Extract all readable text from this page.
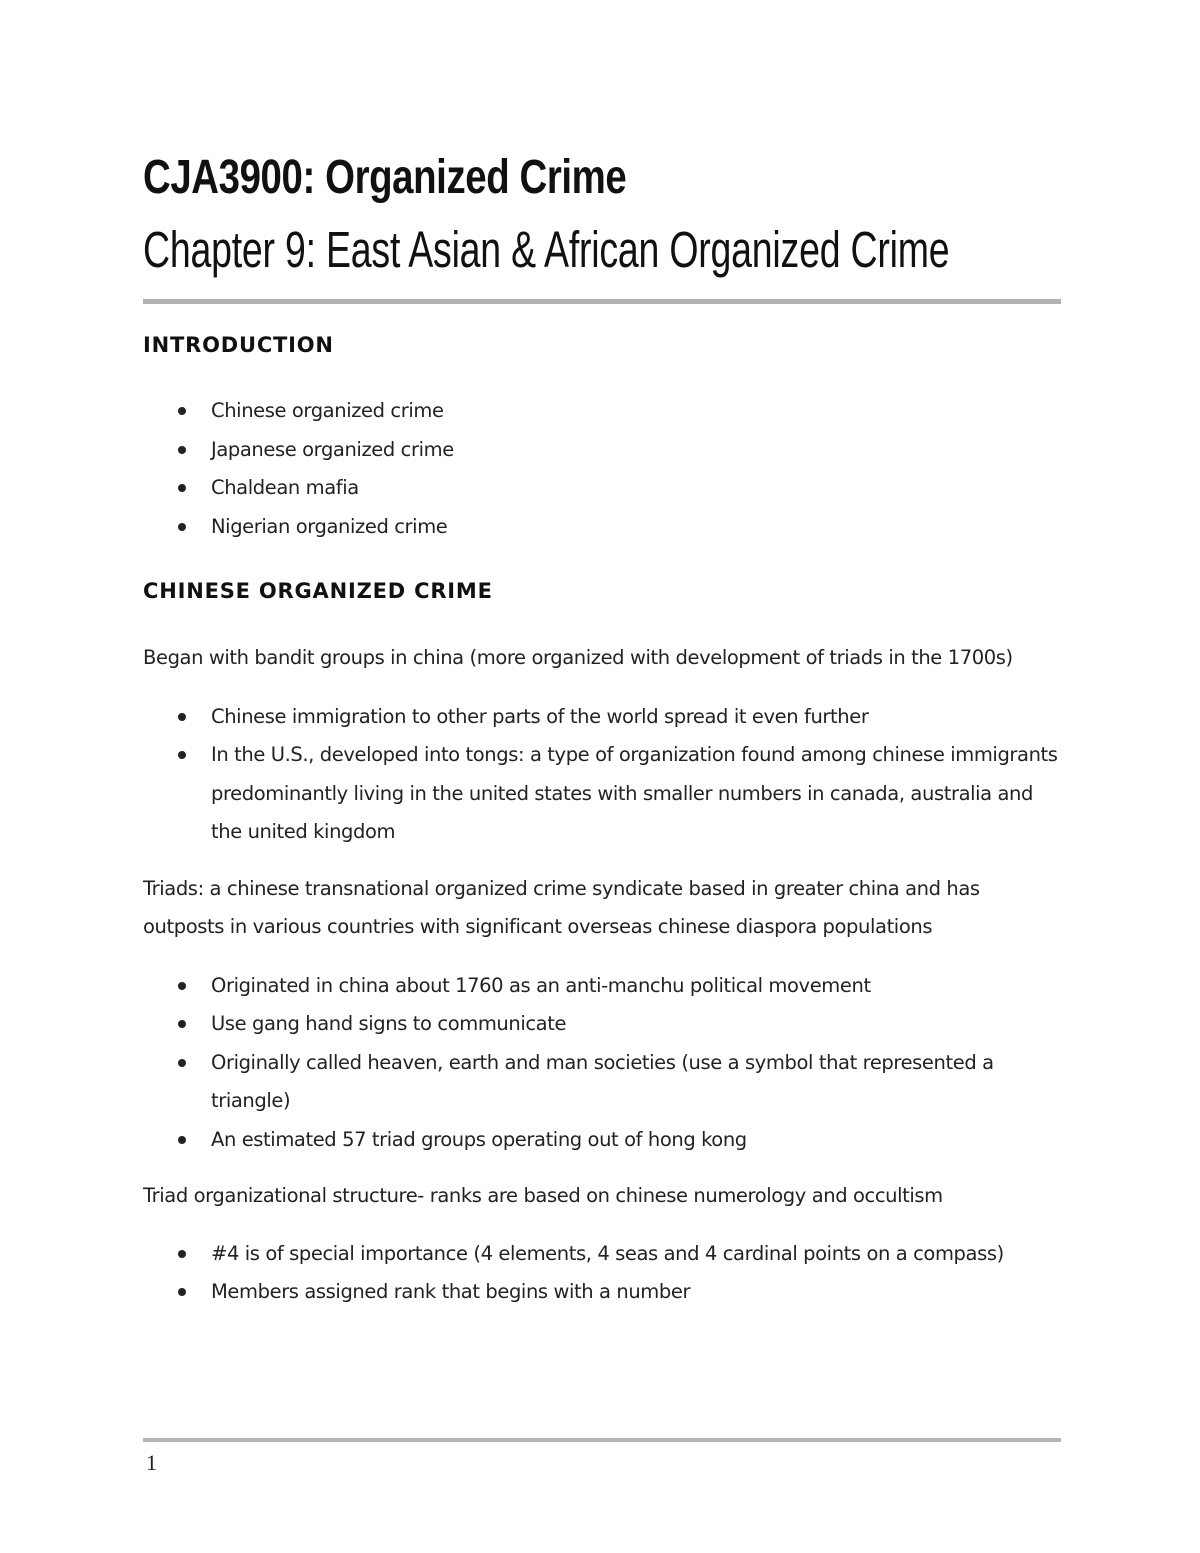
CJA3900: Organized Crime
Chapter 9: East Asian & African Organized Crime
INTRODUCTION
Chinese organized crime
Japanese organized crime
Chaldean mafia
Nigerian organized crime
CHINESE ORGANIZED CRIME

Began with bandit groups in china (more organized with development of triads in the 1700s)

Chinese immigration to other parts of the world spread it even further
In the U.S., developed into tongs: a type of organization found among chinese immigrants predominantly living in the united states with smaller numbers in canada, australia and the united kingdom

Triads: a chinese transnational organized crime syndicate based in greater china and has outposts in various countries with significant overseas chinese diaspora populations

Originated in china about 1760 as an anti-manchu political movement
Use gang hand signs to communicate
Originally called heaven, earth and man societies (use a symbol that represented a triangle)
An estimated 57 triad groups operating out of hong kong

Triad organizational structure- ranks are based on chinese numerology and occultism

#4 is of special importance (4 elements, 4 seas and 4 cardinal points on a compass)
Members assigned rank that begins with a number
1
